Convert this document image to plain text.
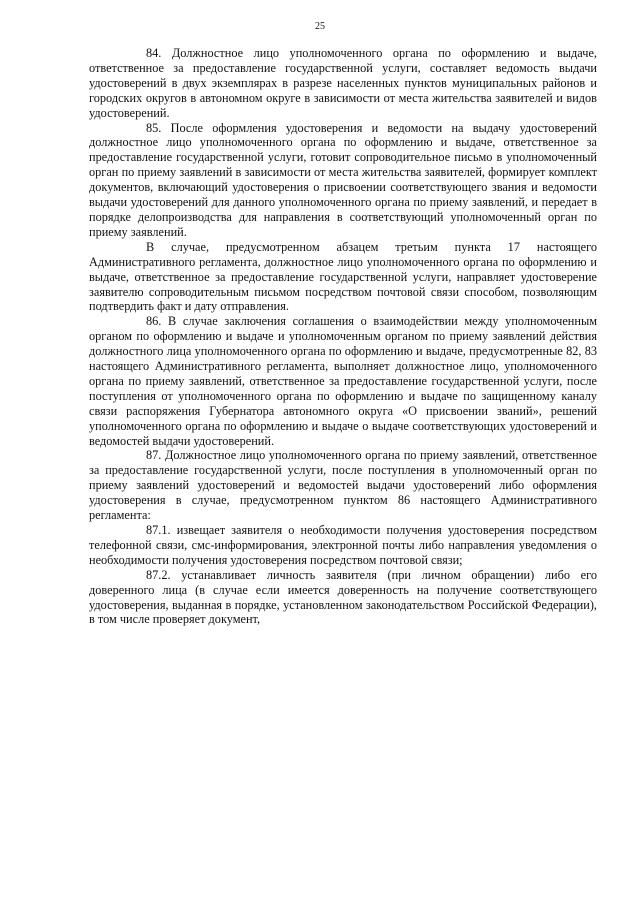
25

84. Должностное лицо уполномоченного органа по оформлению и выдаче, ответственное за предоставление государственной услуги, составляет ведомость выдачи удостоверений в двух экземплярах в разрезе населенных пунктов муниципальных районов и городских округов в автономном округе в зависимости от места жительства заявителей и видов удостоверений.

85. После оформления удостоверения и ведомости на выдачу удостоверений должностное лицо уполномоченного органа по оформлению и выдаче, ответственное за предоставление государственной услуги, готовит сопроводительное письмо в уполномоченный орган по приему заявлений в зависимости от места жительства заявителей, формирует комплект документов, включающий удостоверения о присвоении соответствующего звания и ведомости выдачи удостоверений для данного уполномоченного органа по приему заявлений, и передает в порядке делопроизводства для направления в соответствующий уполномоченный орган по приему заявлений.

В случае, предусмотренном абзацем третьим пункта 17 настоящего Административного регламента, должностное лицо уполномоченного органа по оформлению и выдаче, ответственное за предоставление государственной услуги, направляет удостоверение заявителю сопроводительным письмом посредством почтовой связи способом, позволяющим подтвердить факт и дату отправления.

86. В случае заключения соглашения о взаимодействии между уполномоченным органом по оформлению и выдаче и уполномоченным органом по приему заявлений действия должностного лица уполномоченного органа по оформлению и выдаче, предусмотренные 82, 83 настоящего Административного регламента, выполняет должностное лицо, уполномоченного органа по приему заявлений, ответственное за предоставление государственной услуги, после поступления от уполномоченного органа по оформлению и выдаче по защищенному каналу связи распоряжения Губернатора автономного округа «О присвоении званий», решений уполномоченного органа по оформлению и выдаче о выдаче соответствующих удостоверений и ведомостей выдачи удостоверений.

87. Должностное лицо уполномоченного органа по приему заявлений, ответственное за предоставление государственной услуги, после поступления в уполномоченный орган по приему заявлений удостоверений и ведомостей выдачи удостоверений либо оформления удостоверения в случае, предусмотренном пунктом 86 настоящего Административного регламента:

87.1. извещает заявителя о необходимости получения удостоверения посредством телефонной связи, смс-информирования, электронной почты либо направления уведомления о необходимости получения удостоверения посредством почтовой связи;

87.2. устанавливает личность заявителя (при личном обращении) либо его доверенного лица (в случае если имеется доверенность на получение соответствующего удостоверения, выданная в порядке, установленном законодательством Российской Федерации), в том числе проверяет документ,
